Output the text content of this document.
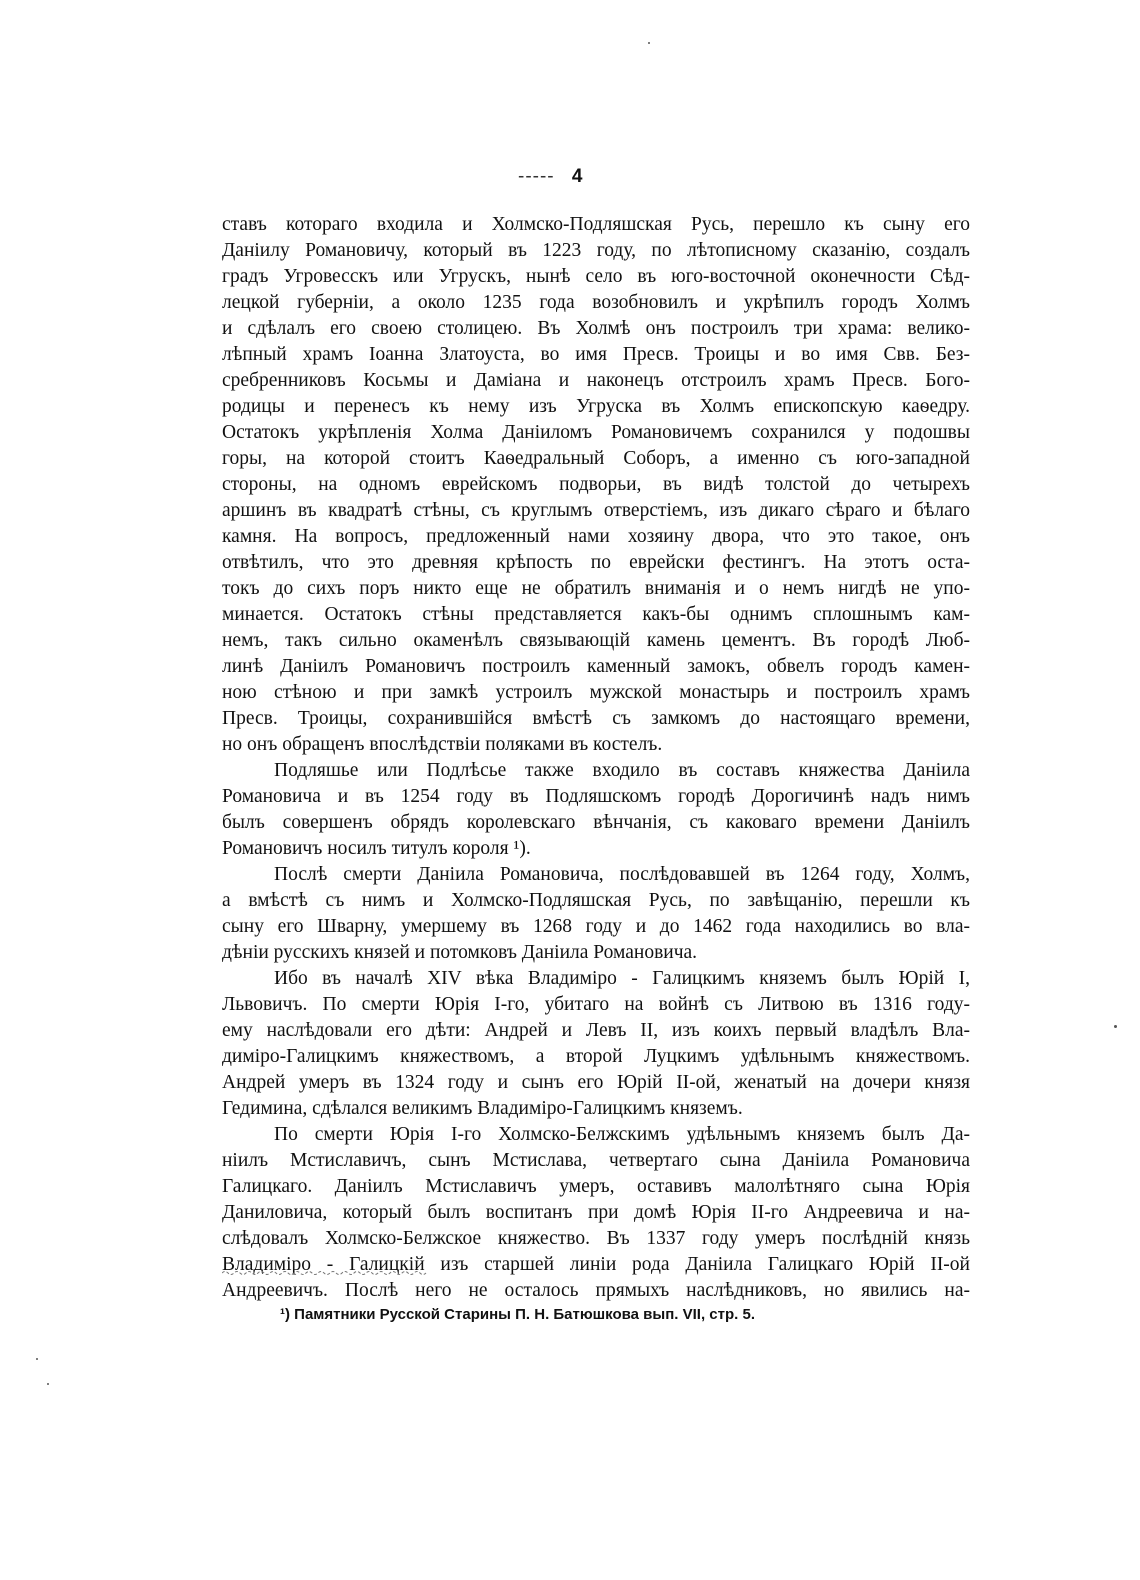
----- 4
ставъ котораго входила и Холмско-Подляшская Русь, перешло къ сыну его
Даніилу Романовичу, который въ 1223 году, по лѣтописному сказанію, создалъ
градъ Угровесскъ или Угрускъ, нынѣ село въ юго-восточной оконечности Сѣд-
лецкой губерніи, а около 1235 года возобновилъ и укрѣпилъ городъ Холмъ
и сдѣлалъ его своею столицею. Въ Холмѣ онъ построилъ три храма: велико-
лѣпный храмъ Іоанна Златоуста, во имя Пресв. Троицы и во имя Свв. Без-
сребренниковъ Косьмы и Даміана и наконецъ отстроилъ храмъ Пресв. Бого-
родицы и перенесъ къ нему изъ Угруска въ Холмъ епископскую каѳедру.
Остатокъ укрѣпленія Холма Даніиломъ Романовичемъ сохранился у подошвы
горы, на которой стоитъ Каѳедральный Соборъ, а именно съ юго-западной
стороны, на одномъ еврейскомъ подворьи, въ видѣ толстой до четырехъ
аршинъ въ квадратѣ стѣны, съ круглымъ отверстіемъ, изъ дикаго сѣраго и бѣлаго
камня. На вопросъ, предложенный нами хозяину двора, что это такое, онъ
отвѣтилъ, что это древняя крѣпость по еврейски фестингъ. На этотъ оста-
токъ до сихъ поръ никто еще не обратилъ вниманія и о немъ нигдѣ не упо-
минается. Остатокъ стѣны представляется какъ-бы однимъ сплошнымъ кам-
немъ, такъ сильно окаменѣлъ связывающій камень цементъ. Въ городѣ Люб-
линѣ Даніилъ Романовичъ построилъ каменный замокъ, обвелъ городъ камен-
ною стѣною и при замкѣ устроилъ мужской монастырь и построилъ храмъ
Пресв. Троицы, сохранившійся вмѣстѣ съ замкомъ до настоящаго времени,
но онъ обращенъ впослѣдствіи поляками въ костелъ.
Подляшье или Подлѣсье также входило въ составъ княжества Даніила
Романовича и въ 1254 году въ Подляшскомъ городѣ Дорогичинѣ надъ нимъ
былъ совершенъ обрядъ королевскаго вѣнчанія, съ каковаго времени Даніилъ
Романовичъ носилъ титулъ короля ¹).
Послѣ смерти Даніила Романовича, послѣдовавшей въ 1264 году, Холмъ,
а вмѣстѣ съ нимъ и Холмско-Подляшская Русь, по завѣщанію, перешли къ
сыну его Шварну, умершему въ 1268 году и до 1462 года находились во вла-
дѣніи русскихъ князей и потомковъ Даніила Романовича.
Ибо въ началѣ XIV вѣка Владиміро - Галицкимъ княземъ былъ Юрій I,
Львовичъ. По смерти Юрія I-го, убитаго на войнѣ съ Литвою въ 1316 году-
ему наслѣдовали его дѣти: Андрей и Левъ II, изъ коихъ первый владѣлъ Вла-
диміро-Галицкимъ княжествомъ, а второй Луцкимъ удѣльнымъ княжествомъ.
Андрей умеръ въ 1324 году и сынъ его Юрій II-ой, женатый на дочери князя
Гедимина, сдѣлался великимъ Владиміро-Галицкимъ княземъ.
По смерти Юрія I-го Холмско-Белжскимъ удѣльнымъ княземъ былъ Да-
ніилъ Мстиславичъ, сынъ Мстислава, четвертаго сына Даніила Романовича
Галицкаго. Даніилъ Мстиславичъ умеръ, оставивъ малолѣтняго сына Юрія
Даниловича, который былъ воспитанъ при домѣ Юрія II-го Андреевича и на-
слѣдовалъ Холмско-Белжское княжество. Въ 1337 году умеръ послѣдній князь
Владиміро - Галицкій изъ старшей линіи рода Даніила Галицкаго Юрій II-ой
Андреевичъ. Послѣ него не осталось прямыхъ наслѣдниковъ, но явились на-
¹) Памятники Русской Старины П. Н. Батюшкова вып. VII, стр. 5.
